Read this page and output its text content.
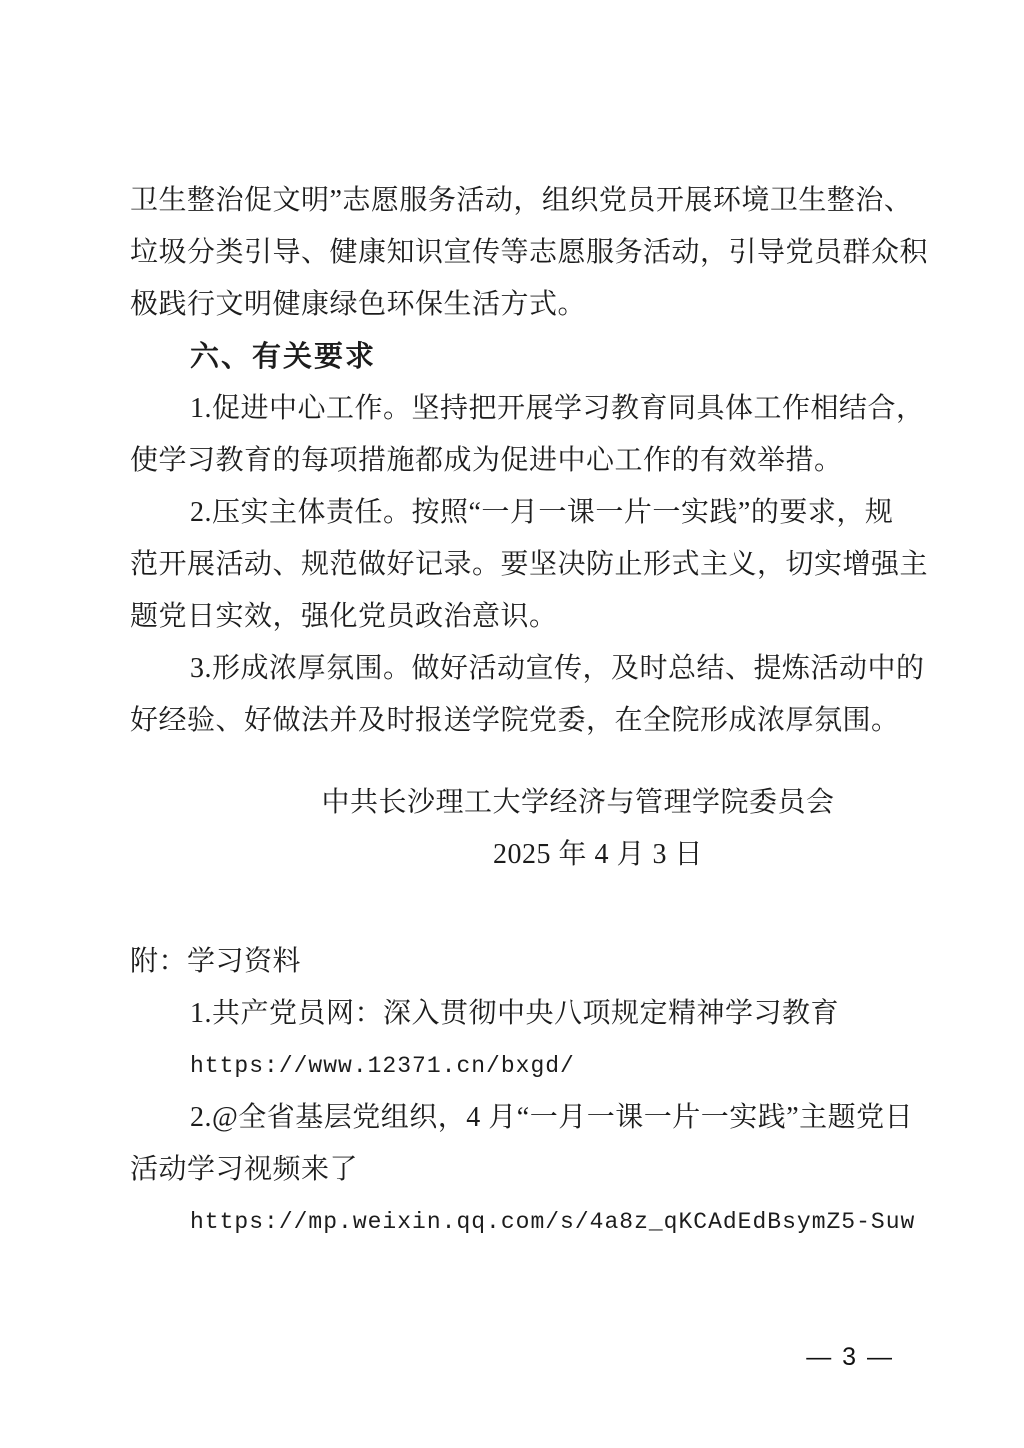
卫生整治促文明”志愿服务活动，组织党员开展环境卫生整治、
垃圾分类引导、健康知识宣传等志愿服务活动，引导党员群众积
极践行文明健康绿色环保生活方式。
六、有关要求
1.促进中心工作。坚持把开展学习教育同具体工作相结合，
使学习教育的每项措施都成为促进中心工作的有效举措。
2.压实主体责任。按照“一月一课一片一实践”的要求，规
范开展活动、规范做好记录。要坚决防止形式主义，切实增强主
题党日实效，强化党员政治意识。
3.形成浓厚氛围。做好活动宣传，及时总结、提炼活动中的
好经验、好做法并及时报送学院党委，在全院形成浓厚氛围。
中共长沙理工大学经济与管理学院委员会
2025 年 4 月 3 日
附：学习资料
1.共产党员网：深入贯彻中央八项规定精神学习教育
https://www.12371.cn/bxgd/
2.@全省基层党组织，4 月“一月一课一片一实践”主题党日
活动学习视频来了
https://mp.weixin.qq.com/s/4a8z_qKCAdEdBsymZ5-Suw
— 3 —
